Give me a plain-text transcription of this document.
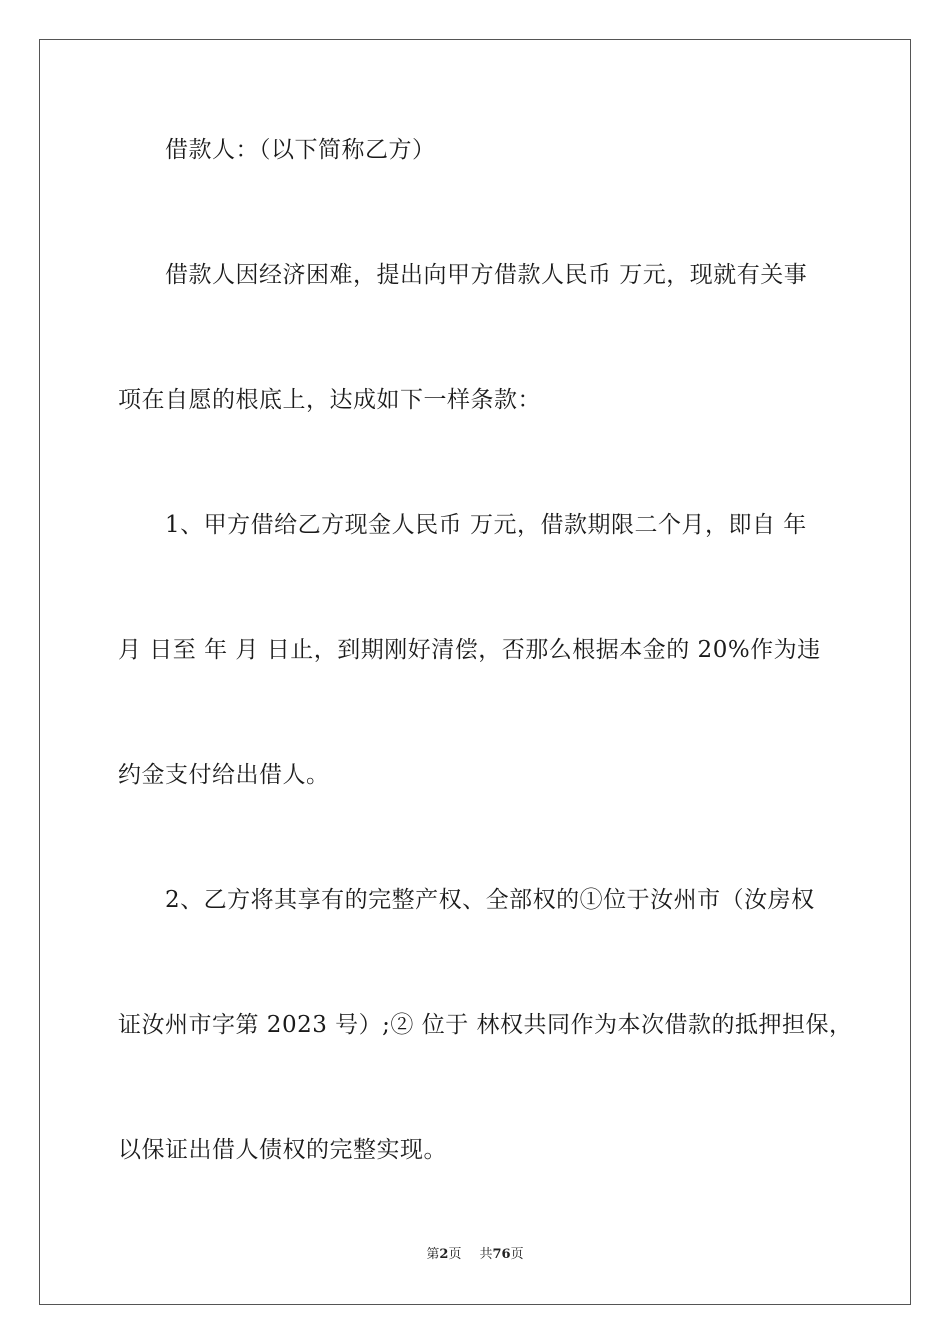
借款人：（以下简称乙方）
借款人因经济困难，提出向甲方借款人民币 万元，现就有关事
项在自愿的根底上，达成如下一样条款：
1、甲方借给乙方现金人民币 万元，借款期限二个月，即自 年
月 日至 年 月 日止，到期刚好清偿，否那么根据本金的 20%作为违
约金支付给出借人。
2、乙方将其享有的完整产权、全部权的①位于汝州市（汝房权
证汝州市字第 2023 号）;② 位于 林权共同作为本次借款的抵押担保，
以保证出借人债权的完整实现。
第2页 共76页
